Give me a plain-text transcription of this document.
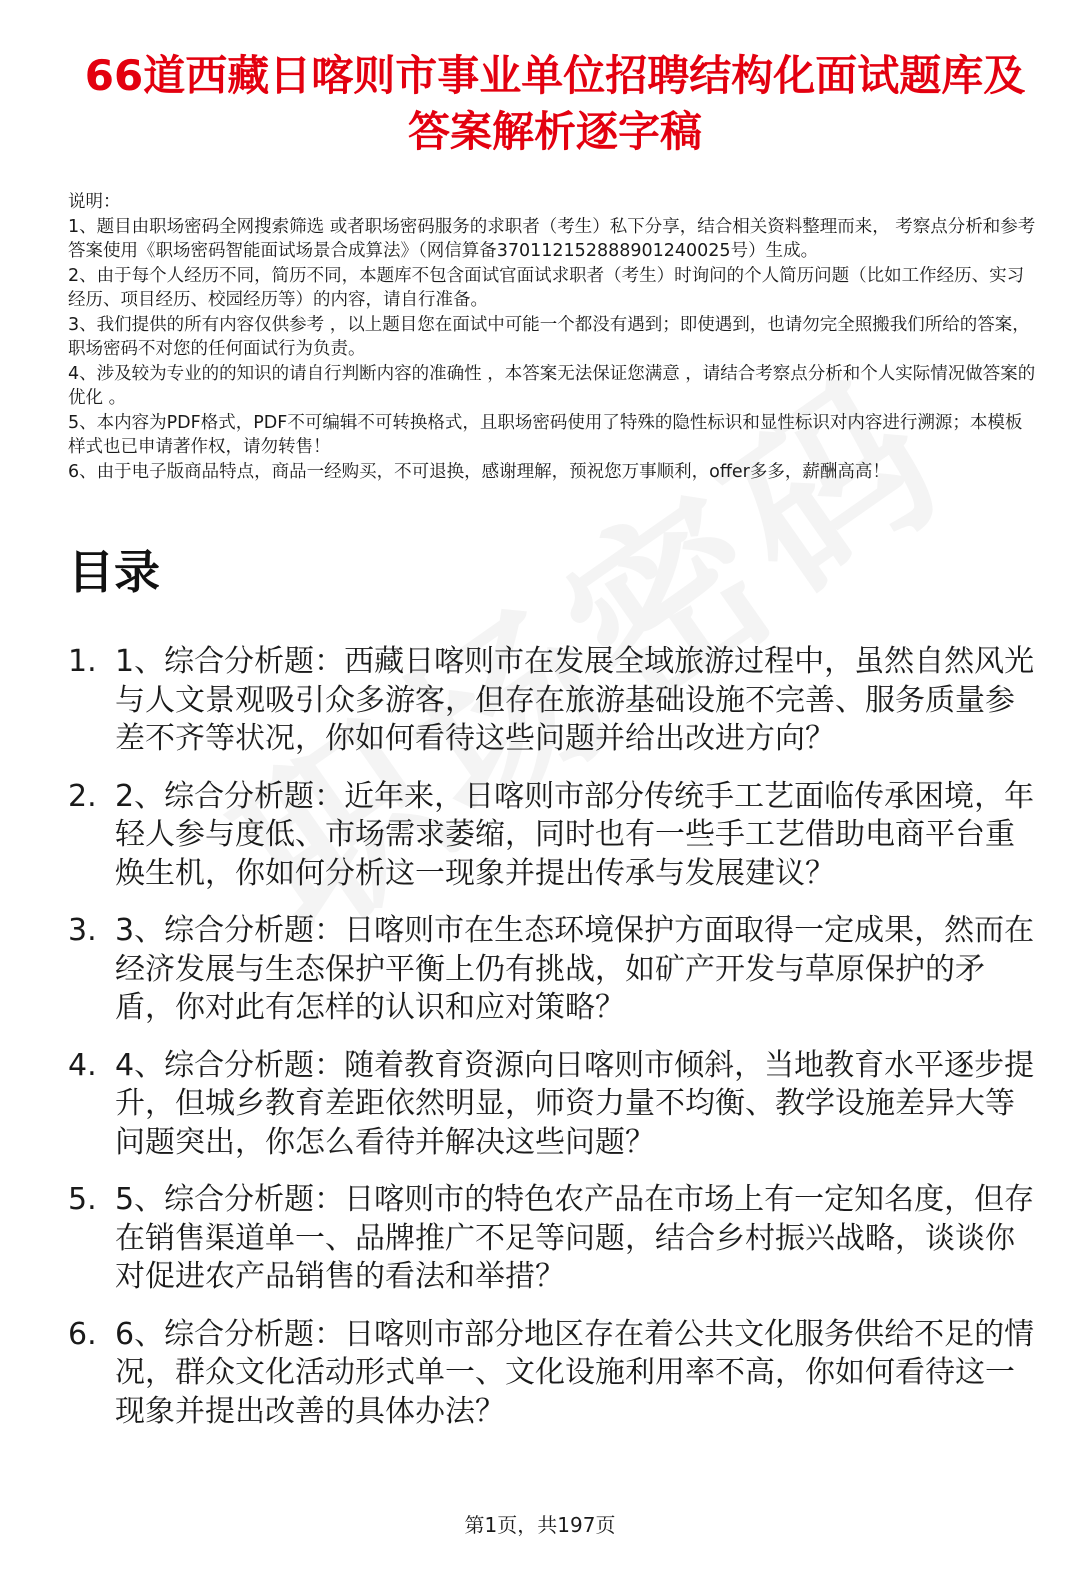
66道西藏日喀则市事业单位招聘结构化面试题库及答案解析逐字稿

说明：

1、题目由职场密码全网搜索筛选 或者职场密码服务的求职者（考生）私下分享，结合相关资料整理而来， 考察点分析和参考答案使用《职场密码智能面试场景合成算法》（网信算备370112152888901240025号）生成。

2、由于每个人经历不同，简历不同，本题库不包含面试官面试求职者（考生）时询问的个人简历问题（比如工作经历、实习经历、项目经历、校园经历等）的内容，请自行准备。

3、我们提供的所有内容仅供参考 ，以上题目您在面试中可能一个都没有遇到；即使遇到，也请勿完全照搬我们所给的答案，职场密码不对您的任何面试行为负责。

4、涉及较为专业的的知识的请自行判断内容的准确性 ，本答案无法保证您满意 ，请结合考察点分析和个人实际情况做答案的优化 。

5、本内容为PDF格式，PDF不可编辑不可转换格式，且职场密码使用了特殊的隐性标识和显性标识对内容进行溯源；本模板样式也已申请著作权，请勿转售！

6、由于电子版商品特点，商品一经购买，不可退换，感谢理解，预祝您万事顺利，offer多多，薪酬高高！

目录
1. 1、综合分析题：西藏日喀则市在发展全域旅游过程中，虽然自然风光与人文景观吸引众多游客，但存在旅游基础设施不完善、服务质量参差不齐等状况，你如何看待这些问题并给出改进方向？
2. 2、综合分析题：近年来，日喀则市部分传统手工艺面临传承困境，年轻人参与度低、市场需求萎缩，同时也有一些手工艺借助电商平台重焕生机，你如何分析这一现象并提出传承与发展建议？
3. 3、综合分析题：日喀则市在生态环境保护方面取得一定成果，然而在经济发展与生态保护平衡上仍有挑战，如矿产开发与草原保护的矛盾，你对此有怎样的认识和应对策略？
4. 4、综合分析题：随着教育资源向日喀则市倾斜，当地教育水平逐步提升，但城乡教育差距依然明显，师资力量不均衡、教学设施差异大等问题突出，你怎么看待并解决这些问题？
5. 5、综合分析题：日喀则市的特色农产品在市场上有一定知名度，但存在销售渠道单一、品牌推广不足等问题，结合乡村振兴战略，谈谈你对促进农产品销售的看法和举措？
6. 6、综合分析题：日喀则市部分地区存在着公共文化服务供给不足的情况，群众文化活动形式单一、文化设施利用率不高，你如何看待这一现象并提出改善的具体办法？
第1页，共197页
